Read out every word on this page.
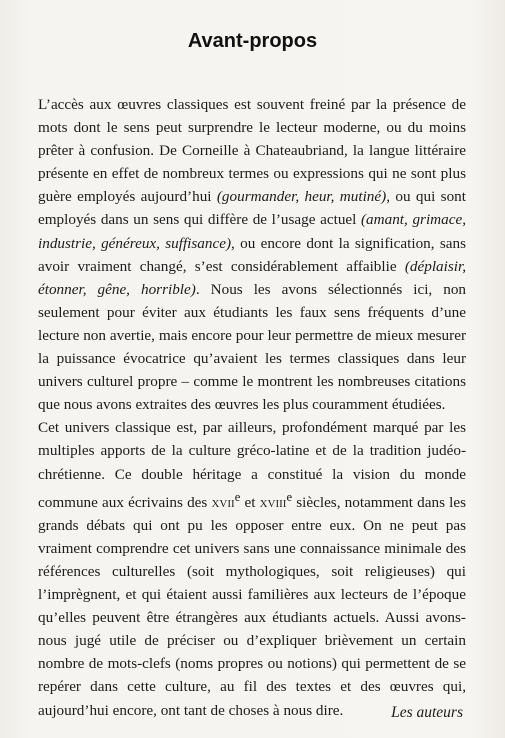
Avant-propos

L’accès aux œuvres classiques est souvent freiné par la présence de mots dont le sens peut surprendre le lecteur moderne, ou du moins prêter à confusion. De Corneille à Chateaubriand, la langue littéraire présente en effet de nombreux termes ou expressions qui ne sont plus guère employés aujourd’hui (gourmander, heur, mutiné), ou qui sont employés dans un sens qui diffère de l’usage actuel (amant, grimace, industrie, généreux, suffisance), ou encore dont la signification, sans avoir vraiment changé, s’est considérablement affaiblie (déplaisir, étonner, gêne, horrible). Nous les avons sélectionnés ici, non seulement pour éviter aux étudiants les faux sens fréquents d’une lecture non avertie, mais encore pour leur permettre de mieux mesurer la puissance évocatrice qu’avaient les termes classiques dans leur univers culturel propre – comme le montrent les nombreuses citations que nous avons extraites des œuvres les plus couramment étudiées.

Cet univers classique est, par ailleurs, profondément marqué par les multiples apports de la culture gréco-latine et de la tradition judéo-chrétienne. Ce double héritage a constitué la vision du monde commune aux écrivains des xvii$^e$ et xviii$^e$ siècles, notamment dans les grands débats qui ont pu les opposer entre eux. On ne peut pas vraiment comprendre cet univers sans une connaissance minimale des références culturelles (soit mythologiques, soit religieuses) qui l’imprègnent, et qui étaient aussi familières aux lecteurs de l’époque qu’elles peuvent être étrangères aux étudiants actuels. Aussi avons-nous jugé utile de préciser ou d’expliquer brièvement un certain nombre de mots-clefs (noms propres ou notions) qui permettent de se repérer dans cette culture, au fil des textes et des œuvres qui, aujourd’hui encore, ont tant de choses à nous dire.	Les auteurs
